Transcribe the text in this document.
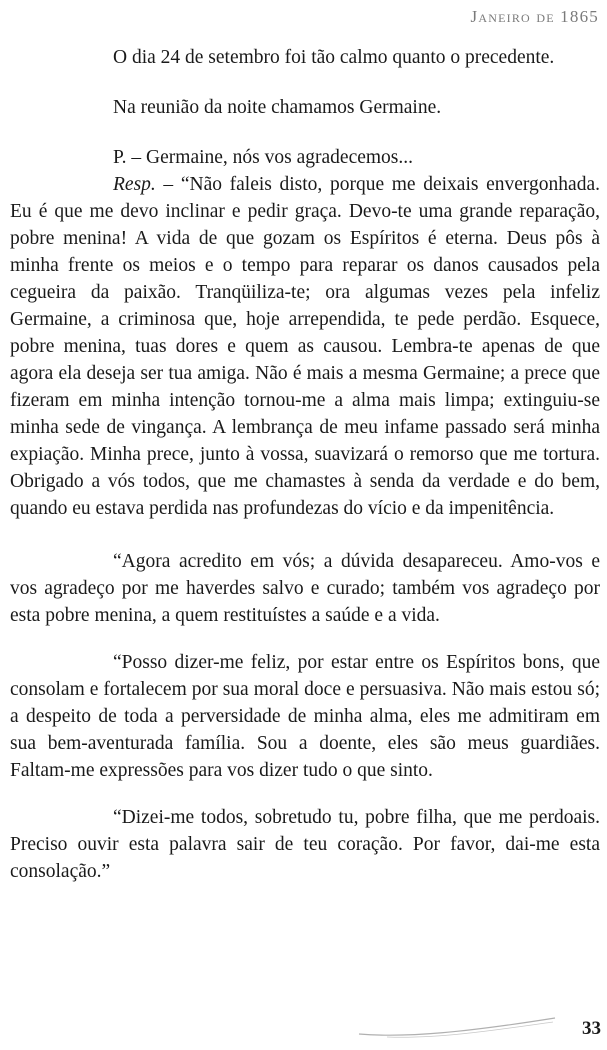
Janeiro de 1865

O dia 24 de setembro foi tão calmo quanto o precedente.

Na reunião da noite chamamos Germaine.

P. – Germaine, nós vos agradecemos...

Resp. – “Não faleis disto, porque me deixais envergonhada. Eu é que me devo inclinar e pedir graça. Devo-te uma grande reparação, pobre menina! A vida de que gozam os Espíritos é eterna. Deus pôs à minha frente os meios e o tempo para reparar os danos causados pela cegueira da paixão. Tranqüiliza-te; ora algumas vezes pela infeliz Germaine, a criminosa que, hoje arrependida, te pede perdão. Esquece, pobre menina, tuas dores e quem as causou. Lembra-te apenas de que agora ela deseja ser tua amiga. Não é mais a mesma Germaine; a prece que fizeram em minha intenção tornou-me a alma mais limpa; extinguiu-se minha sede de vingança. A lembrança de meu infame passado será minha expiação. Minha prece, junto à vossa, suavizará o remorso que me tortura. Obrigado a vós todos, que me chamastes à senda da verdade e do bem, quando eu estava perdida nas profundezas do vício e da impenitência.

“Agora acredito em vós; a dúvida desapareceu. Amo-vos e vos agradeço por me haverdes salvo e curado; também vos agradeço por esta pobre menina, a quem restituístes a saúde e a vida.

“Posso dizer-me feliz, por estar entre os Espíritos bons, que consolam e fortalecem por sua moral doce e persuasiva. Não mais estou só; a despeito de toda a perversidade de minha alma, eles me admitiram em sua bem-aventurada família. Sou a doente, eles são meus guardiães. Faltam-me expressões para vos dizer tudo o que sinto.

“Dizei-me todos, sobretudo tu, pobre filha, que me perdoais. Preciso ouvir esta palavra sair de teu coração. Por favor, dai-me esta consolação.”

33
